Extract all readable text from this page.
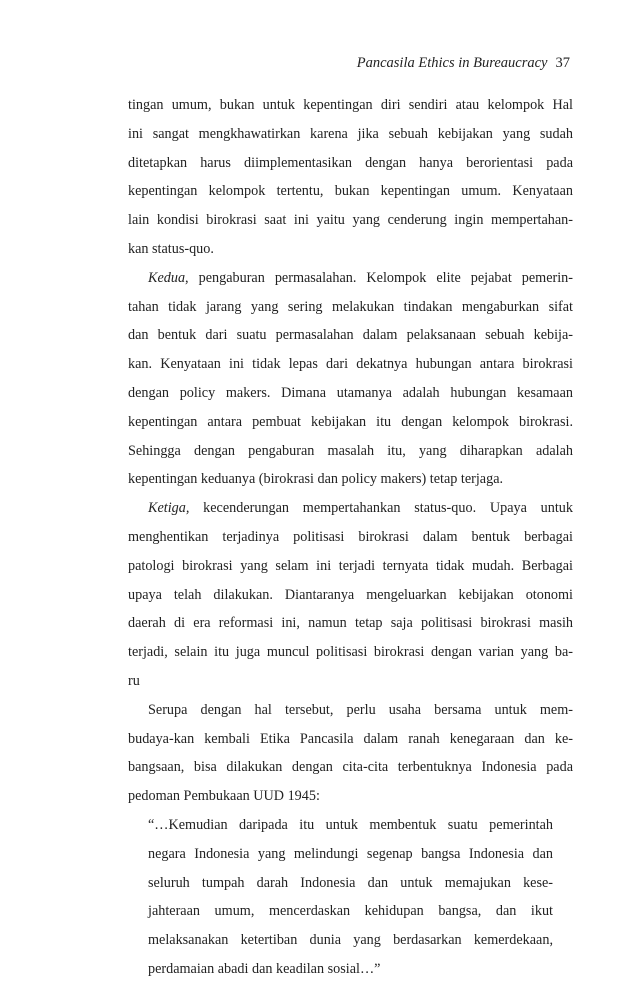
Pancasila Ethics in Bureaucracy 37
tingan umum, bukan untuk kepentingan diri sendiri atau kelompok Hal
ini sangat mengkhawatirkan karena jika sebuah kebijakan yang sudah
ditetapkan harus diimplementasikan dengan hanya berorientasi pada
kepentingan kelompok tertentu, bukan kepentingan umum. Kenyataan
lain kondisi birokrasi saat ini yaitu yang cenderung ingin mempertahan-
kan status-quo.
Kedua, pengaburan permasalahan. Kelompok elite pejabat pemerin-
tahan tidak jarang yang sering melakukan tindakan mengaburkan sifat
dan bentuk dari suatu permasalahan dalam pelaksanaan sebuah kebija-
kan. Kenyataan ini tidak lepas dari dekatnya hubungan antara birokrasi
dengan policy makers. Dimana utamanya adalah hubungan kesamaan
kepentingan antara pembuat kebijakan itu dengan kelompok birokrasi.
Sehingga dengan pengaburan masalah itu, yang diharapkan adalah
kepentingan keduanya (birokrasi dan policy makers) tetap terjaga.
Ketiga, kecenderungan mempertahankan status-quo. Upaya untuk
menghentikan terjadinya politisasi birokrasi dalam bentuk berbagai
patologi birokrasi yang selam ini terjadi ternyata tidak mudah. Berbagai
upaya telah dilakukan. Diantaranya mengeluarkan kebijakan otonomi
daerah di era reformasi ini, namun tetap saja politisasi birokrasi masih
terjadi, selain itu juga muncul politisasi birokrasi dengan varian yang ba-
ru
Serupa dengan hal tersebut, perlu usaha bersama untuk mem-
budaya-kan kembali Etika Pancasila dalam ranah kenegaraan dan ke-
bangsaan, bisa dilakukan dengan cita-cita terbentuknya Indonesia pada
pedoman Pembukaan UUD 1945:
“…Kemudian daripada itu untuk membentuk suatu pemerintah
negara Indonesia yang melindungi segenap bangsa Indonesia dan
seluruh tumpah darah Indonesia dan untuk memajukan kese-
jahteraan umum, mencerdaskan kehidupan bangsa, dan ikut
melaksanakan ketertiban dunia yang berdasarkan kemerdekaan,
perdamaian abadi dan keadilan sosial…”
